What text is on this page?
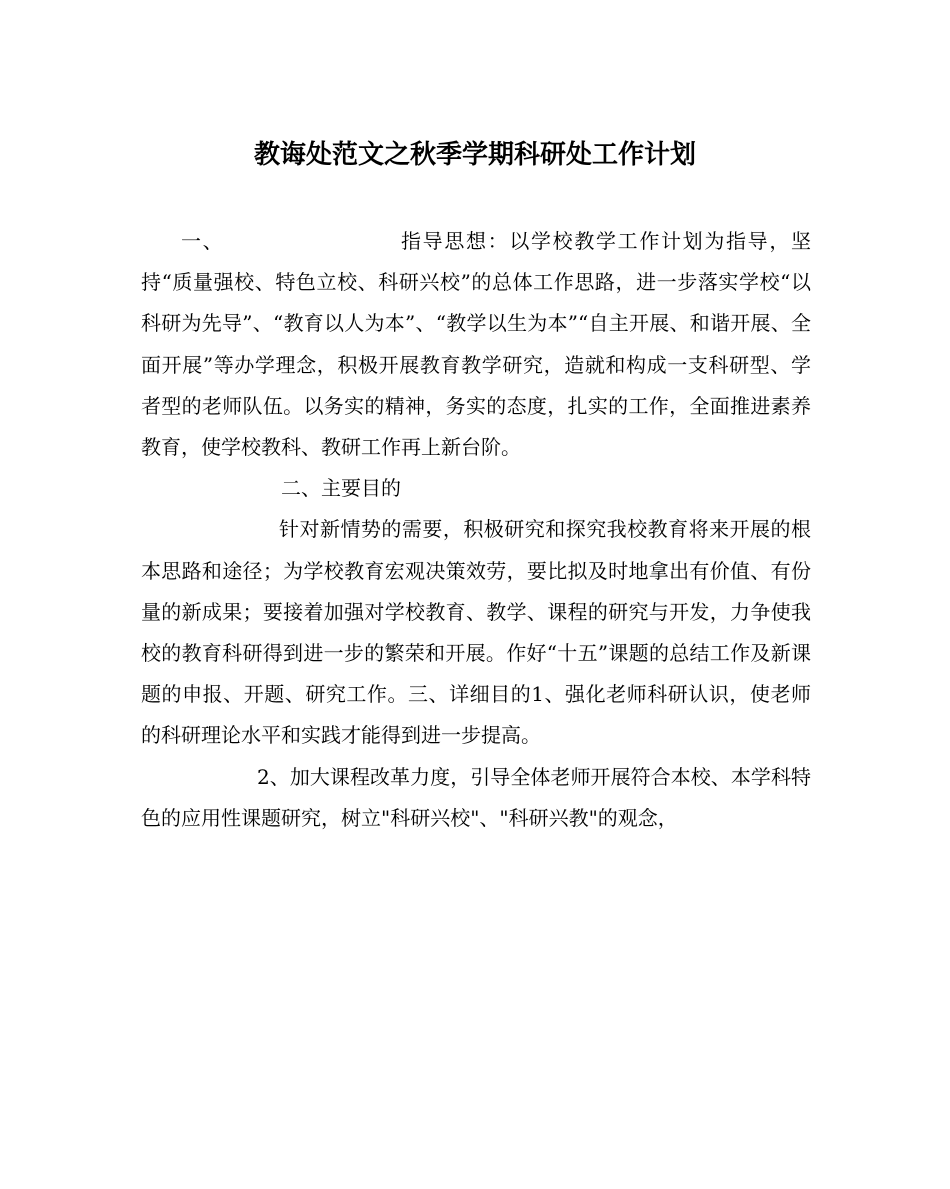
教诲处范文之秋季学期科研处工作计划

一、	指导思想：以学校教学工作计划为指导，坚持“质量强校、特色立校、科研兴校”的总体工作思路，进一步落实学校“以科研为先导”、“教育以人为本”、“教学以生为本”“自主开展、和谐开展、全面开展”等办学理念，积极开展教育教学研究，造就和构成一支科研型、学者型的老师队伍。以务实的精神，务实的态度，扎实的工作，全面推进素养教育，使学校教科、教研工作再上新台阶。

二、主要目的

针对新情势的需要，积极研究和探究我校教育将来开展的根本思路和途径；为学校教育宏观决策效劳，要比拟及时地拿出有价值、有份量的新成果；要接着加强对学校教育、教学、课程的研究与开发，力争使我校的教育科研得到进一步的繁荣和开展。作好“十五”课题的总结工作及新课题的申报、开题、研究工作。三、详细目的1、强化老师科研认识，使老师的科研理论水平和实践才能得到进一步提高。

2、加大课程改革力度，引导全体老师开展符合本校、本学科特色的应用性课题研究，树立"科研兴校"、"科研兴教"的观念，
